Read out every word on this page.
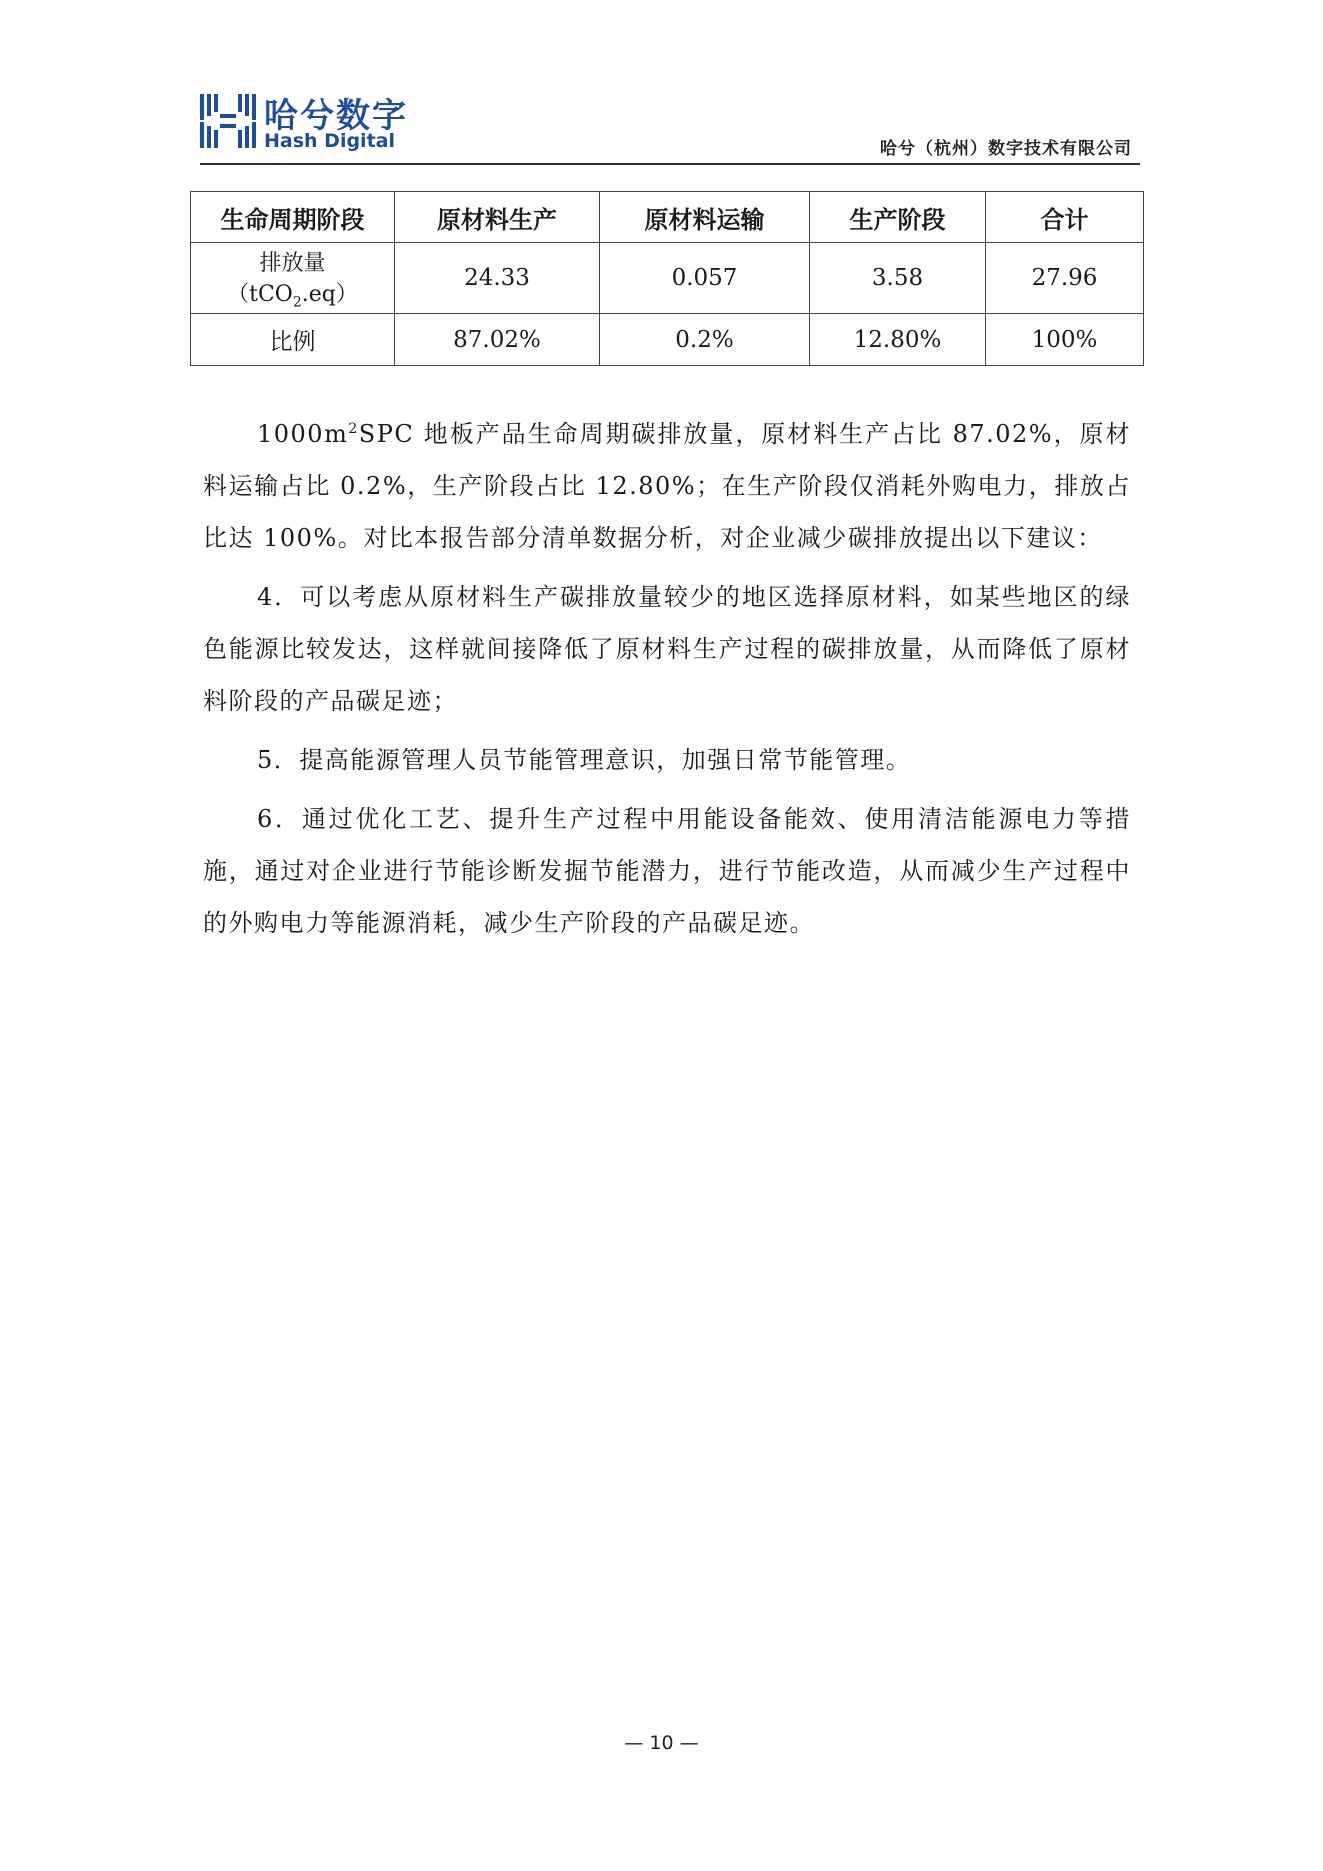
哈兮数字
Hash Digital	哈兮（杭州）数字技术有限公司
生命周期阶段	原材料生产	原材料运输	生产阶段	合计

排放量
（tCO$_2$.eq）	24.33	0.057	3.58	27.96
比例	87.02%	0.2%	12.80%	100%

$1000m^2SPC$ 地板产品生命周期碳排放量，原材料生产占比 87.02%，原材料运输占比 0.2%，生产阶段占比 12.80%；在生产阶段仅消耗外购电力，排放占比达 100%。对比本报告部分清单数据分析，对企业减少碳排放提出以下建议：

4．可以考虑从原材料生产碳排放量较少的地区选择原材料，如某些地区的绿色能源比较发达，这样就间接降低了原材料生产过程的碳排放量，从而降低了原材料阶段的产品碳足迹；

5．提高能源管理人员节能管理意识，加强日常节能管理。

6．通过优化工艺、提升生产过程中用能设备能效、使用清洁能源电力等措施，通过对企业进行节能诊断发掘节能潜力，进行节能改造，从而减少生产过程中的外购电力等能源消耗，减少生产阶段的产品碳足迹。

— 10 —
